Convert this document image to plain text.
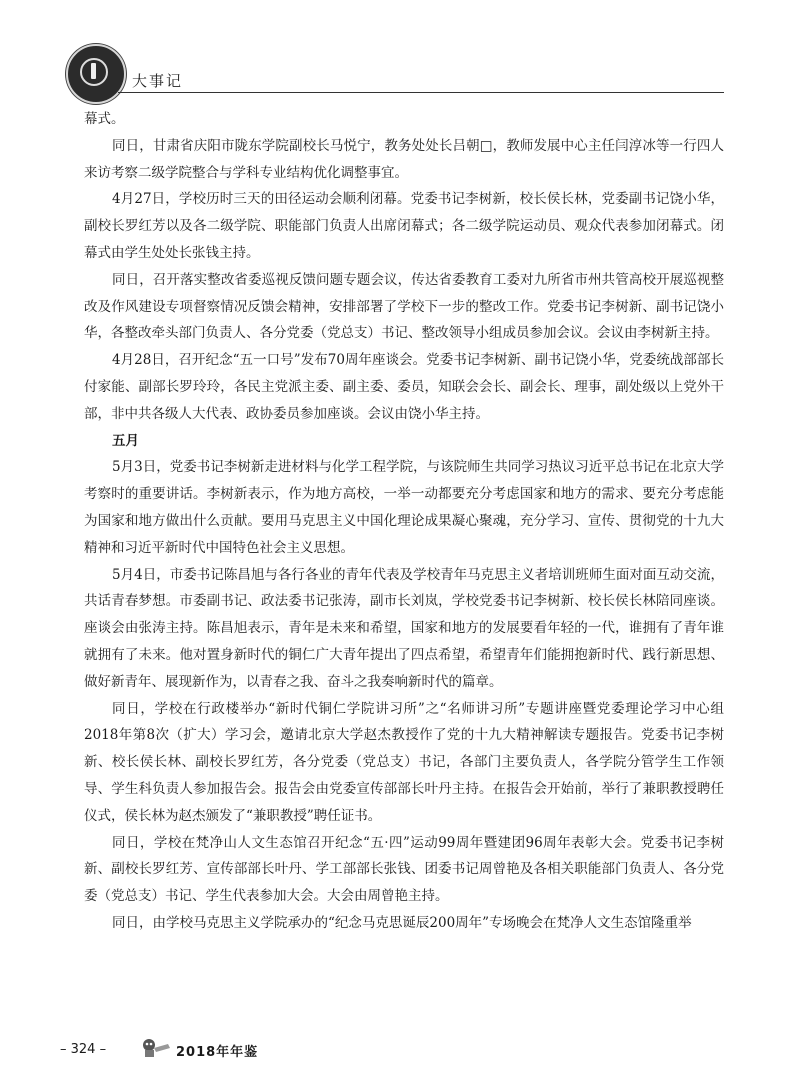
大事记

幕式。

同日，甘肃省庆阳市陇东学院副校长马悦宁，教务处处长吕朝□，教师发展中心主任闫淳冰等一行四人来访考察二级学院整合与学科专业结构优化调整事宜。

4月27日，学校历时三天的田径运动会顺利闭幕。党委书记李树新，校长侯长林，党委副书记饶小华，副校长罗红芳以及各二级学院、职能部门负责人出席闭幕式；各二级学院运动员、观众代表参加闭幕式。闭幕式由学生处处长张钱主持。

同日，召开落实整改省委巡视反馈问题专题会议，传达省委教育工委对九所省市州共管高校开展巡视整改及作风建设专项督察情况反馈会精神，安排部署了学校下一步的整改工作。党委书记李树新、副书记饶小华，各整改牵头部门负责人、各分党委（党总支）书记、整改领导小组成员参加会议。会议由李树新主持。

4月28日，召开纪念“五一口号”发布70周年座谈会。党委书记李树新、副书记饶小华，党委统战部部长付家能、副部长罗玲玲，各民主党派主委、副主委、委员，知联会会长、副会长、理事，副处级以上党外干部，非中共各级人大代表、政协委员参加座谈。会议由饶小华主持。

五月

5月3日，党委书记李树新走进材料与化学工程学院，与该院师生共同学习热议习近平总书记在北京大学考察时的重要讲话。李树新表示，作为地方高校，一举一动都要充分考虑国家和地方的需求、要充分考虑能为国家和地方做出什么贡献。要用马克思主义中国化理论成果凝心聚魂，充分学习、宣传、贯彻党的十九大精神和习近平新时代中国特色社会主义思想。

5月4日，市委书记陈昌旭与各行各业的青年代表及学校青年马克思主义者培训班师生面对面互动交流，共话青春梦想。市委副书记、政法委书记张涛，副市长刘岚，学校党委书记李树新、校长侯长林陪同座谈。座谈会由张涛主持。陈昌旭表示，青年是未来和希望，国家和地方的发展要看年轻的一代，谁拥有了青年谁就拥有了未来。他对置身新时代的铜仁广大青年提出了四点希望，希望青年们能拥抱新时代、践行新思想、做好新青年、展现新作为，以青春之我、奋斗之我奏响新时代的篇章。

同日，学校在行政楼举办“新时代铜仁学院讲习所”之“名师讲习所”专题讲座暨党委理论学习中心组2018年第8次（扩大）学习会，邀请北京大学赵杰教授作了党的十九大精神解读专题报告。党委书记李树新、校长侯长林、副校长罗红芳，各分党委（党总支）书记，各部门主要负责人，各学院分管学生工作领导、学生科负责人参加报告会。报告会由党委宣传部部长叶丹主持。在报告会开始前，举行了兼职教授聘任仪式，侯长林为赵杰颁发了“兼职教授”聘任证书。

同日，学校在梵净山人文生态馆召开纪念“五·四”运动99周年暨建团96周年表彰大会。党委书记李树新、副校长罗红芳、宣传部部长叶丹、学工部部长张钱、团委书记周曾艳及各相关职能部门负责人、各分党委（党总支）书记、学生代表参加大会。大会由周曾艳主持。

同日，由学校马克思主义学院承办的“纪念马克思诞辰200周年”专场晚会在梵净人文生态馆隆重举

– 324 –	2018年年鉴
